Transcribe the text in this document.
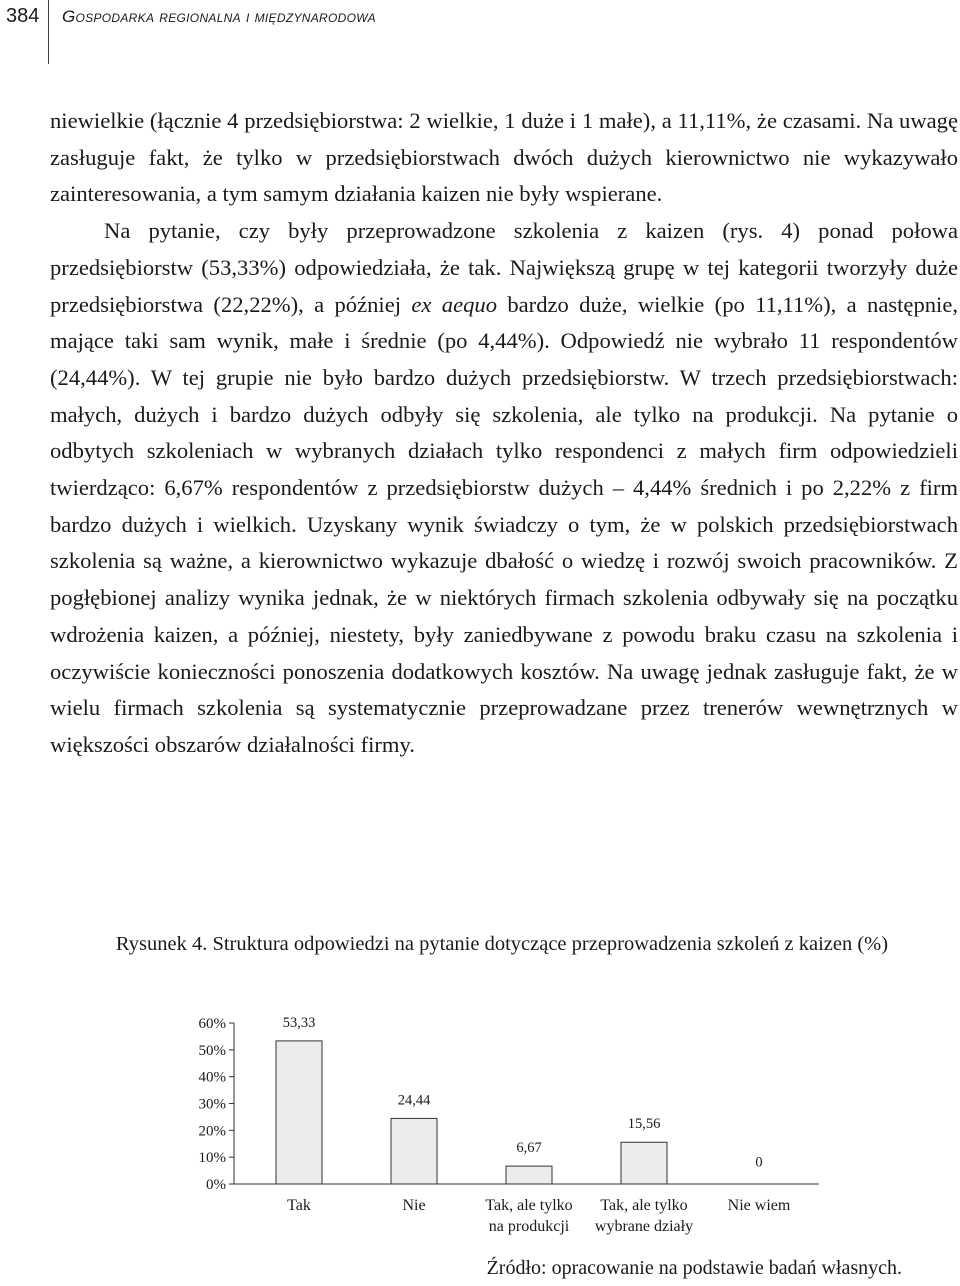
384 Gospodarka regionalna i międzynarodowa

niewielkie (łącznie 4 przedsiębiorstwa: 2 wielkie, 1 duże i 1 małe), a 11,11%, że czasami. Na uwagę zasługuje fakt, że tylko w przedsiębiorstwach dwóch dużych kierownictwo nie wykazywało zainteresowania, a tym samym działania kaizen nie były wspierane.

Na pytanie, czy były przeprowadzone szkolenia z kaizen (rys. 4) ponad połowa przedsiębiorstw (53,33%) odpowiedziała, że tak. Największą grupę w tej kategorii tworzyły duże przedsiębiorstwa (22,22%), a później ex aequo bardzo duże, wielkie (po 11,11%), a następnie, mające taki sam wynik, małe i średnie (po 4,44%). Odpowiedź nie wybrało 11 respondentów (24,44%). W tej grupie nie było bardzo dużych przedsiębiorstw. W trzech przedsiębiorstwach: małych, dużych i bardzo dużych odbyły się szkolenia, ale tylko na produkcji. Na pytanie o odbytych szkoleniach w wybranych działach tylko respondenci z małych firm odpowiedzieli twierdząco: 6,67% respondentów z przedsiębiorstw dużych – 4,44% średnich i po 2,22% z firm bardzo dużych i wielkich. Uzyskany wynik świadczy o tym, że w polskich przedsiębiorstwach szkolenia są ważne, a kierownictwo wykazuje dbałość o wiedzę i rozwój swoich pracowników. Z pogłębionej analizy wynika jednak, że w niektórych firmach szkolenia odbywały się na początku wdrożenia kaizen, a później, niestety, były zaniedbywane z powodu braku czasu na szkolenia i oczywiście konieczności ponoszenia dodatkowych kosztów. Na uwagę jednak zasługuje fakt, że w wielu firmach szkolenia są systematycznie przeprowadzane przez trenerów wewnętrznych w większości obszarów działalności firmy.

Rysunek 4. Struktura odpowiedzi na pytanie dotyczące przeprowadzenia szkoleń z kaizen (%)
0%
10%
20%
30%
40%
50%
60%	53,33
Tak
24,44
Nie
6,67
Tak, ale tylko
na produkcji
15,56
Tak, ale tylko
wybrane działy
0
Nie wiem
Źródło: opracowanie na podstawie badań własnych.
